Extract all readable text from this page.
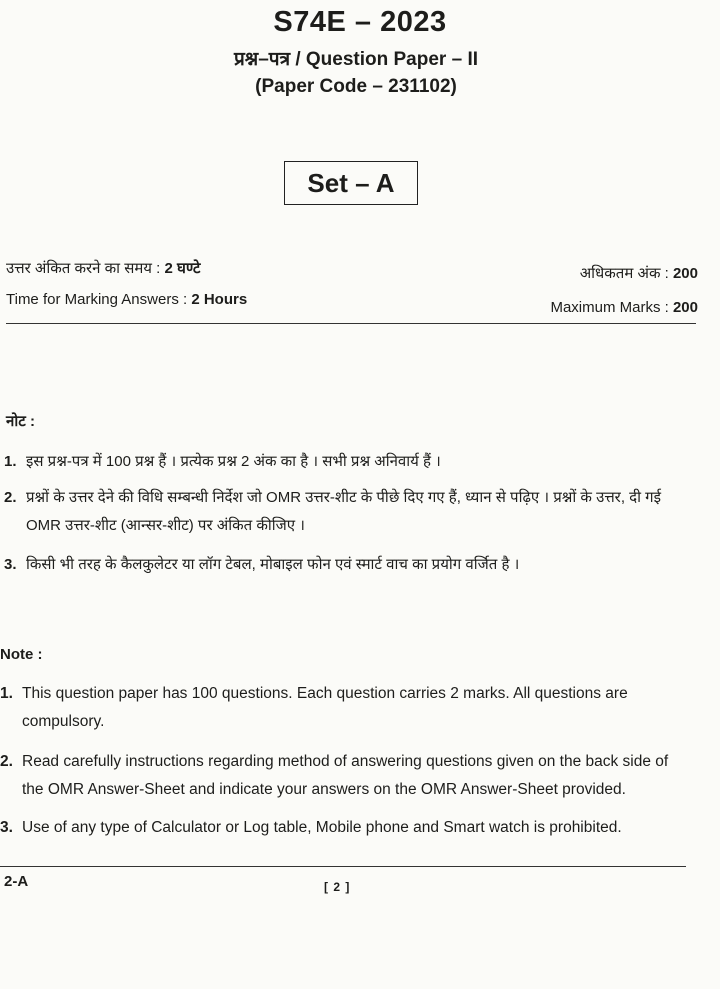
S74E – 2023
प्रश्न–पत्र / Question Paper – II
(Paper Code – 231102)
Set – A
उत्तर अंकित करने का समय : 2 घण्टे	अधिकतम अंक : 200
Time for Marking Answers : 2 Hours	Maximum Marks : 200
नोट :
1. इस प्रश्न-पत्र में 100 प्रश्न हैं । प्रत्येक प्रश्न 2 अंक का है । सभी प्रश्न अनिवार्य हैं ।
2. प्रश्नों के उत्तर देने की विधि सम्बन्धी निर्देश जो OMR उत्तर-शीट के पीछे दिए गए हैं, ध्यान से पढ़िए । प्रश्नों के उत्तर, दी गई OMR उत्तर-शीट (आन्सर-शीट) पर अंकित कीजिए ।
3. किसी भी तरह के कैलकुलेटर या लॉग टेबल, मोबाइल फोन एवं स्मार्ट वाच का प्रयोग वर्जित है ।
Note :
1. This question paper has 100 questions. Each question carries 2 marks. All questions are compulsory.
2. Read carefully instructions regarding method of answering questions given on the back side of the OMR Answer-Sheet and indicate your answers on the OMR Answer-Sheet provided.
3. Use of any type of Calculator or Log table, Mobile phone and Smart watch is prohibited.
2-A	[ 2 ]
